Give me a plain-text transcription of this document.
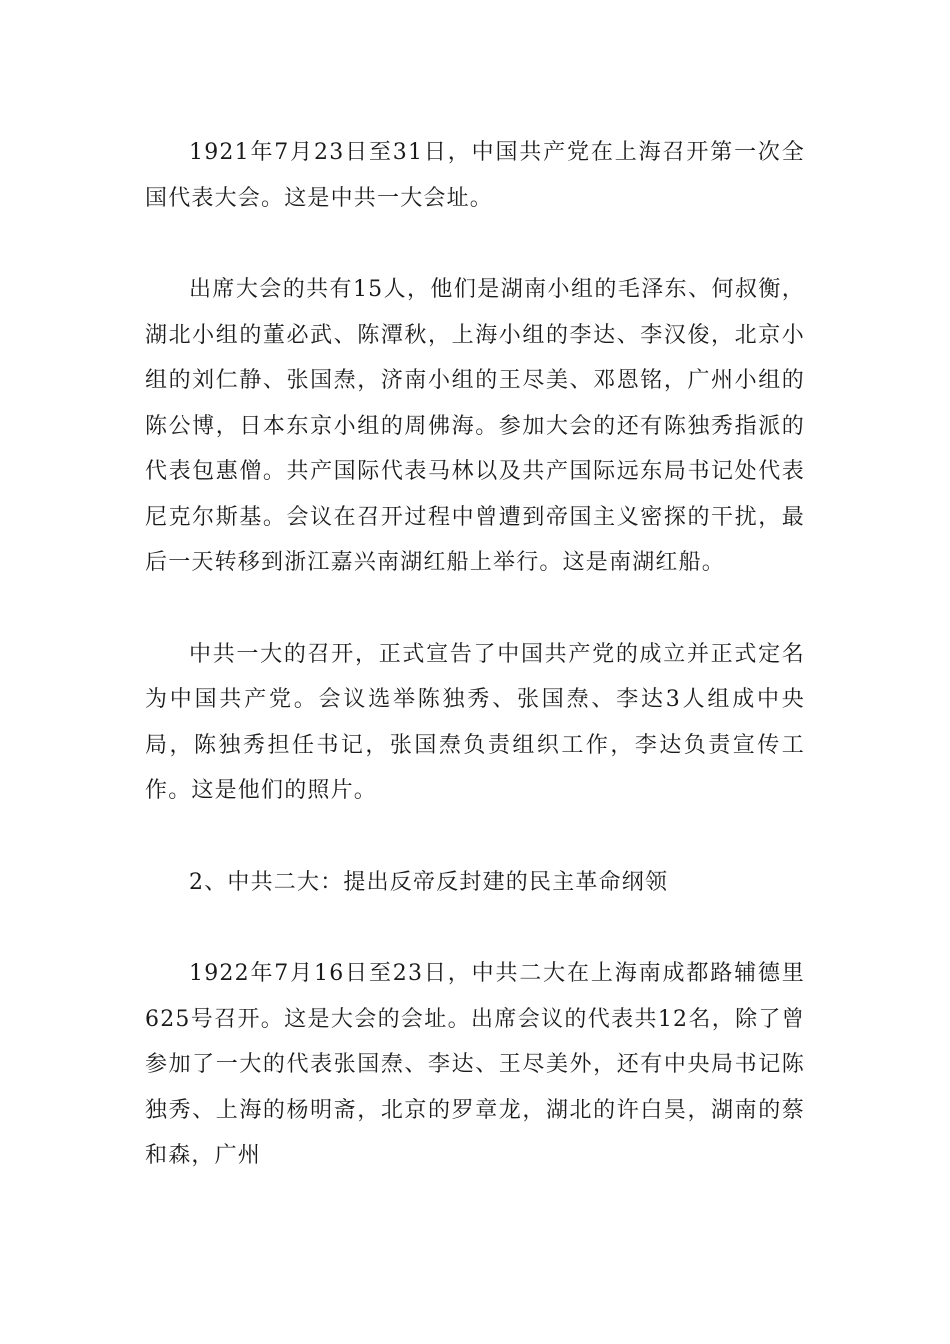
1921年7月23日至31日，中国共产党在上海召开第一次全国代表大会。这是中共一大会址。

出席大会的共有15人，他们是湖南小组的毛泽东、何叔衡，湖北小组的董必武、陈潭秋，上海小组的李达、李汉俊，北京小组的刘仁静、张国焘，济南小组的王尽美、邓恩铭，广州小组的陈公博，日本东京小组的周佛海。参加大会的还有陈独秀指派的代表包惠僧。共产国际代表马林以及共产国际远东局书记处代表尼克尔斯基。会议在召开过程中曾遭到帝国主义密探的干扰，最后一天转移到浙江嘉兴南湖红船上举行。这是南湖红船。

中共一大的召开，正式宣告了中国共产党的成立并正式定名为中国共产党。会议选举陈独秀、张国焘、李达3人组成中央局，陈独秀担任书记，张国焘负责组织工作，李达负责宣传工作。这是他们的照片。

2、中共二大：提出反帝反封建的民主革命纲领

1922年7月16日至23日，中共二大在上海南成都路辅德里625号召开。这是大会的会址。出席会议的代表共12名，除了曾参加了一大的代表张国焘、李达、王尽美外，还有中央局书记陈独秀、上海的杨明斋，北京的罗章龙，湖北的许白昊，湖南的蔡和森，广州
